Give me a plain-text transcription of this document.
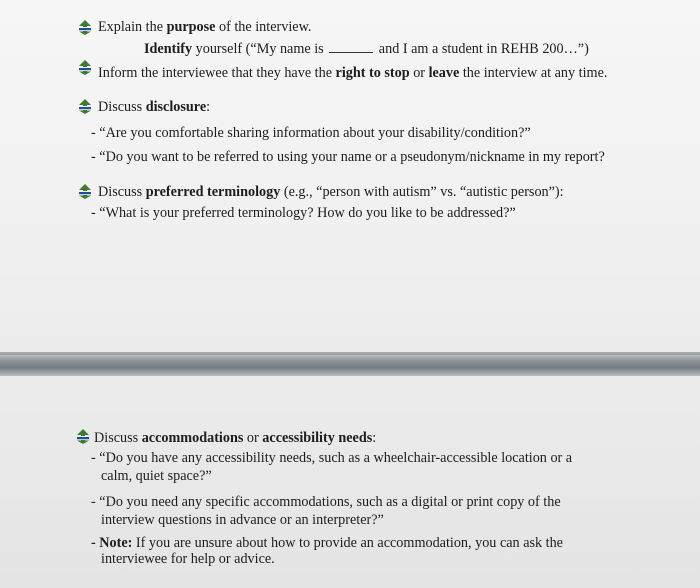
Explain the purpose of the interview.
Identify yourself (“My name is	and I am a student in REHB 200…”)
Inform the interviewee that they have the right to stop or leave the interview at any time.
Discuss disclosure:
- “Are you comfortable sharing information about your disability/condition?”
- “Do you want to be referred to using your name or a pseudonym/nickname in my report?
Discuss preferred terminology (e.g., “person with autism” vs. “autistic person”):
- “What is your preferred terminology? How do you like to be addressed?”
Discuss accommodations or accessibility needs:
- “Do you have any accessibility needs, such as a wheelchair-accessible location or a
calm, quiet space?”
- “Do you need any specific accommodations, such as a digital or print copy of the
interview questions in advance or an interpreter?”
- Note: If you are unsure about how to provide an accommodation, you can ask the
interviewee for help or advice.
